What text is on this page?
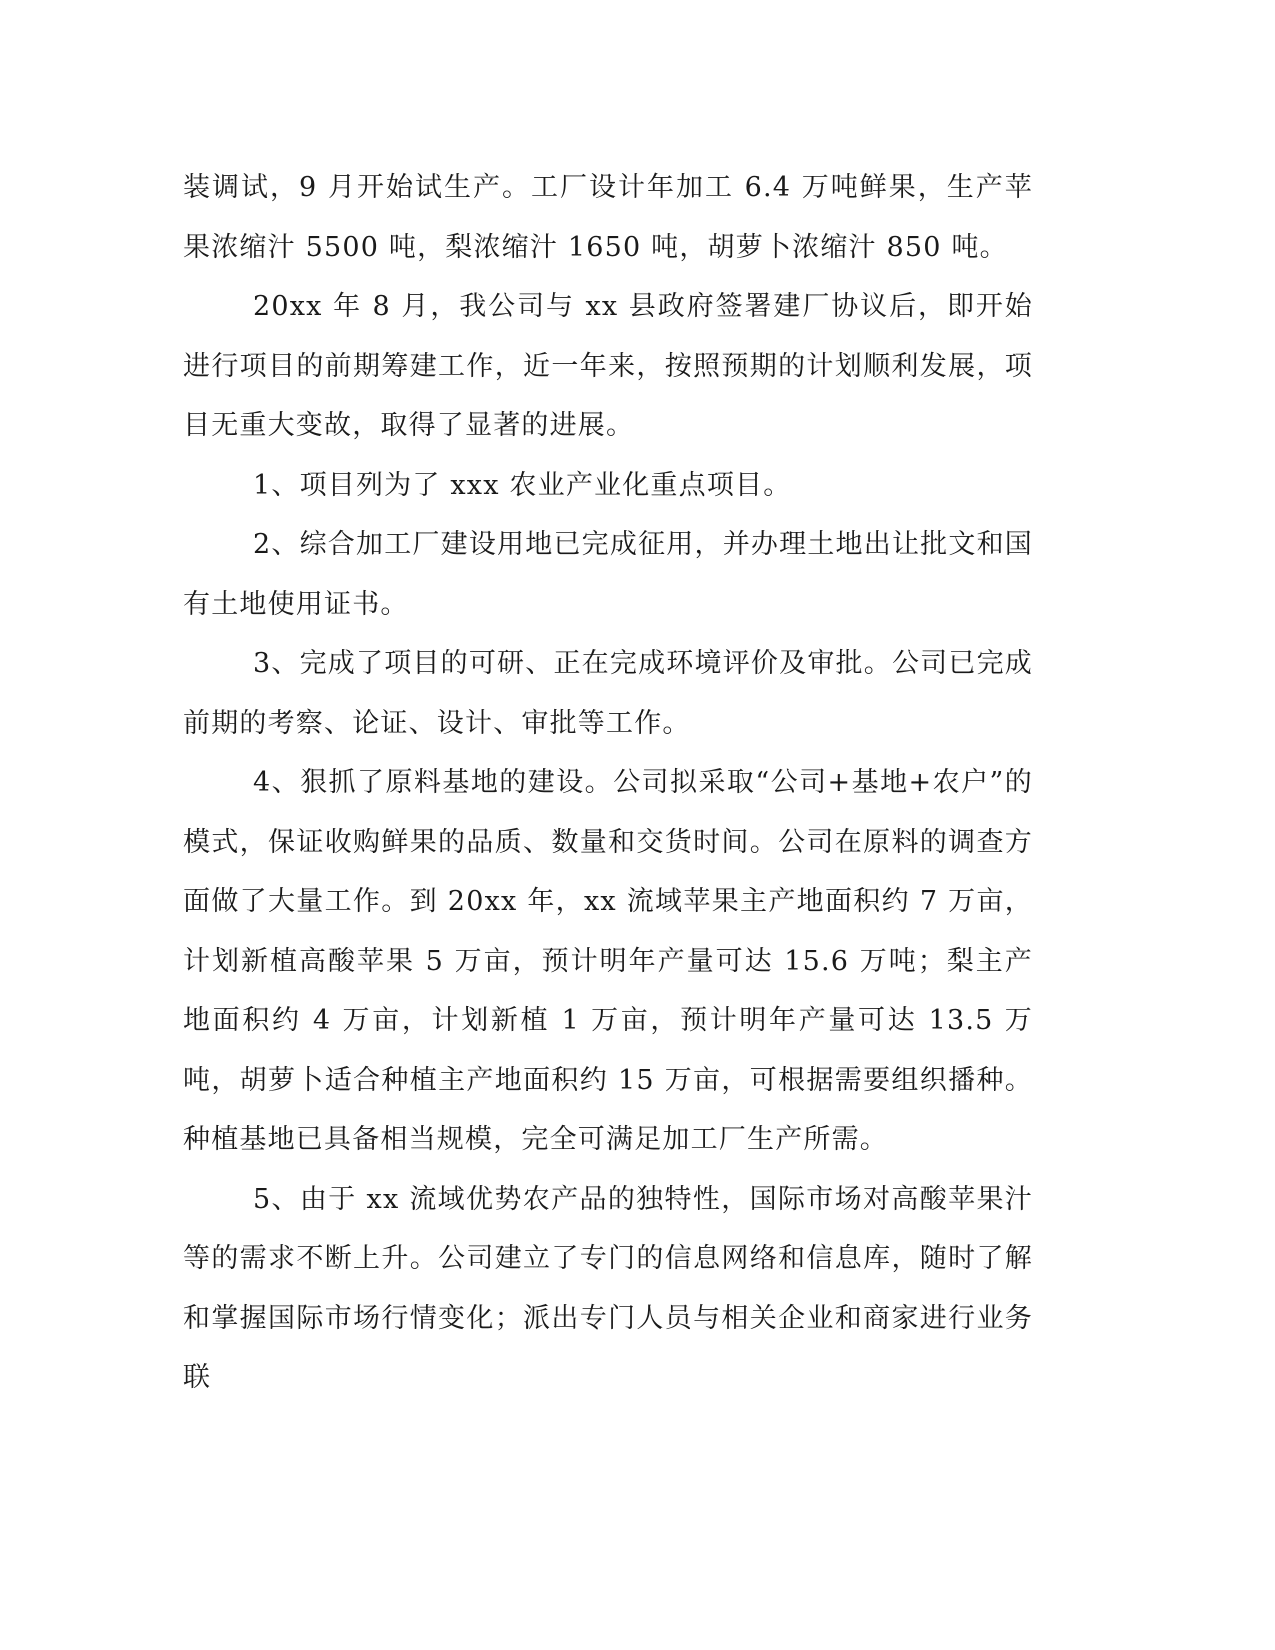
装调试，9 月开始试生产。工厂设计年加工 6.4 万吨鲜果，生产苹果浓缩汁 5500 吨，梨浓缩汁 1650 吨，胡萝卜浓缩汁 850 吨。

20xx 年 8 月，我公司与 xx 县政府签署建厂协议后，即开始进行项目的前期筹建工作，近一年来，按照预期的计划顺利发展，项目无重大变故，取得了显著的进展。

1、项目列为了 xxx 农业产业化重点项目。

2、综合加工厂建设用地已完成征用，并办理土地出让批文和国有土地使用证书。

3、完成了项目的可研、正在完成环境评价及审批。公司已完成前期的考察、论证、设计、审批等工作。

4、狠抓了原料基地的建设。公司拟采取“公司+基地+农户”的模式，保证收购鲜果的品质、数量和交货时间。公司在原料的调查方面做了大量工作。到 20xx 年，xx 流域苹果主产地面积约 7 万亩，计划新植高酸苹果 5 万亩，预计明年产量可达 15.6 万吨；梨主产地面积约 4 万亩，计划新植 1 万亩，预计明年产量可达 13.5 万吨，胡萝卜适合种植主产地面积约 15 万亩，可根据需要组织播种。种植基地已具备相当规模，完全可满足加工厂生产所需。

5、由于 xx 流域优势农产品的独特性，国际市场对高酸苹果汁等的需求不断上升。公司建立了专门的信息网络和信息库，随时了解和掌握国际市场行情变化；派出专门人员与相关企业和商家进行业务联
